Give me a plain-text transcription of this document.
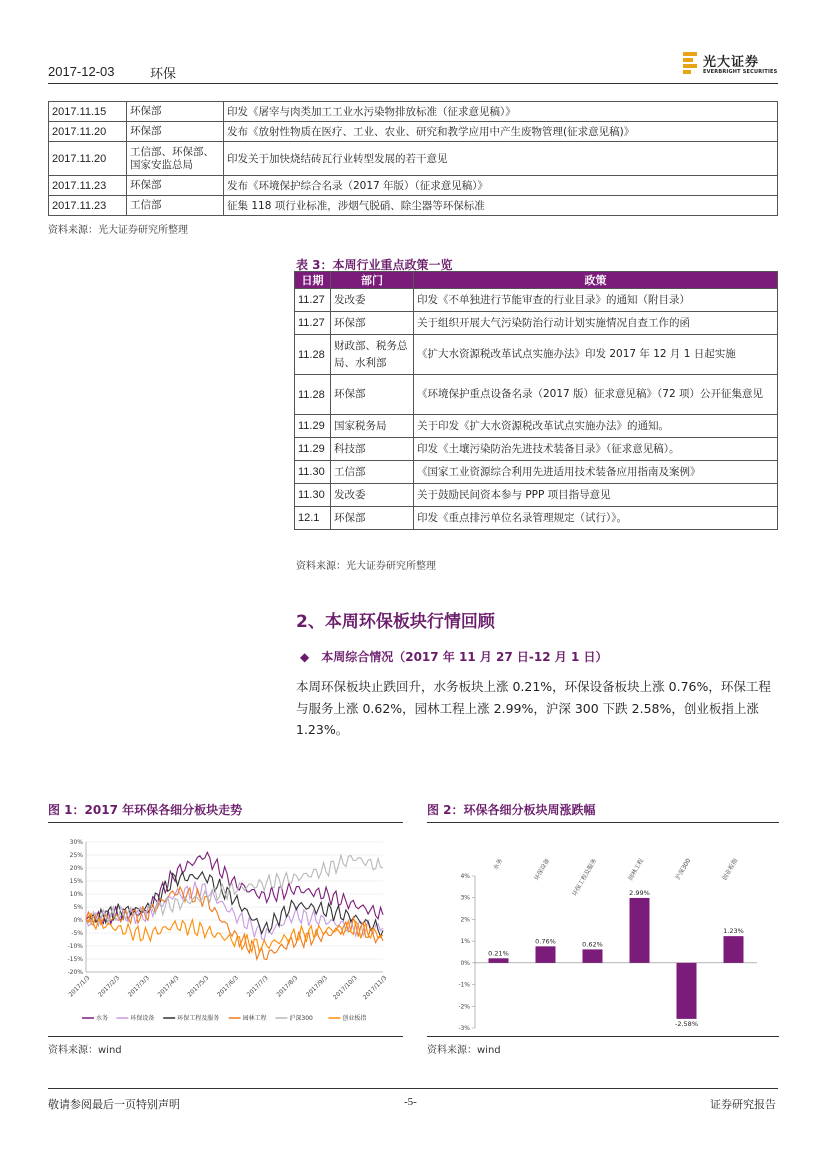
2017-12-03	环保
光大证券
EVERBRIGHT SECURITIES
2017.11.15	环保部	印发《屠宰与肉类加工工业水污染物排放标准（征求意见稿）》
2017.11.20	环保部	发布《放射性物质在医疗、工业、农业、研究和教学应用中产生废物管理(征求意见稿)》
2017.11.20	工信部、环保部、国家安监总局	印发关于加快烧结砖瓦行业转型发展的若干意见
2017.11.23	环保部	发布《环境保护综合名录（2017 年版）（征求意见稿）》
2017.11.23	工信部	征集 118 项行业标准，涉烟气脱硝、除尘器等环保标准
资料来源：光大证券研究所整理
表 3：本周行业重点政策一览
日期	部门	政策
11.27	发改委	印发《不单独进行节能审查的行业目录》的通知（附目录）
11.27	环保部	关于组织开展大气污染防治行动计划实施情况自查工作的函
11.28	财政部、税务总局、水利部	《扩大水资源税改革试点实施办法》印发 2017 年 12 月 1 日起实施
11.28	环保部	《环境保护重点设备名录（2017 版）征求意见稿》（72 项）公开征集意见
11.29	国家税务局	关于印发《扩大水资源税改革试点实施办法》的通知。
11.29	科技部	印发《土壤污染防治先进技术装备目录》（征求意见稿）。
11.30	工信部	《国家工业资源综合利用先进适用技术装备应用指南及案例》
11.30	发改委	关于鼓励民间资本参与 PPP 项目指导意见
12.1	环保部	印发《重点排污单位名录管理规定（试行）》。
资料来源：光大证券研究所整理
2、本周环保板块行情回顾
◆ 本周综合情况（2017 年 11 月 27 日-12 月 1 日）
本周环保板块止跌回升，水务板块上涨 0.21%，环保设备板块上涨 0.76%，环保工程与服务上涨 0.62%，园林工程上涨 2.99%，沪深 300 下跌 2.58%，创业板指上涨 1.23%。
图 1：2017 年环保各细分板块走势	图 2：环保各细分板块周涨跌幅
30%
25%
20%
15%
10%
5%
0%
-5%
-10%
-15%
-20%
2017/1/3 2017/2/3 2017/3/3 2017/4/3 2017/5/3 2017/6/3 2017/7/3 2017/8/3 2017/9/3 2017/10/3 2017/11/3
水务	环保设备	环保工程及服务	园林工程	沪深300	创业板指
4%
3%
2%
1%
0%
-1%
-2%
-3%
0.21%
水务
0.76%
环保设备
0.62%
环保工程及服务	2.99%
园林工程
-2.58%
沪深300
1.23%
创业板指
资料来源：wind	资料来源：wind
敬请参阅最后一页特别声明	-5-	证券研究报告
